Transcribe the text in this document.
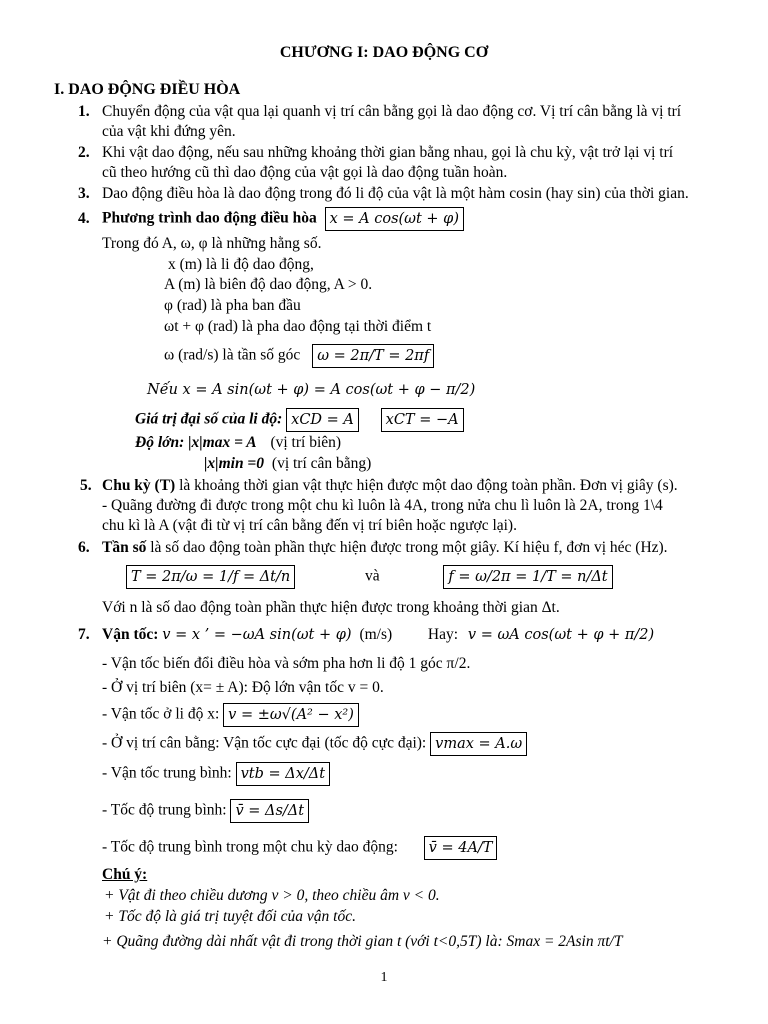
CHƯƠNG I: DAO ĐỘNG CƠ
I. DAO ĐỘNG ĐIỀU HÒA
1. Chuyển động của vật qua lại quanh vị trí cân bằng gọi là dao động cơ. Vị trí cân bằng là vị trí
của vật khi đứng yên.
2. Khi vật dao động, nếu sau những khoảng thời gian bằng nhau, gọi là chu kỳ, vật trở lại vị trí
cũ theo hướng cũ thì dao động của vật gọi là dao động tuần hoàn.
3. Dao động điều hòa là dao động trong đó li độ của vật là một hàm cosin (hay sin) của thời gian.
4. Phương trình dao động điều hòa x = A cos(ωt + φ)
Trong đó A, ω, φ là những hằng số.
x (m) là li độ dao động,
A (m) là biên độ dao động, A > 0.
φ (rad) là pha ban đầu
ωt + φ (rad) là pha dao động tại thời điểm t
ω (rad/s) là tần số góc ω = 2π/T = 2πf
Nếu x = A sin(ωt + φ) = A cos(ωt + φ − π/2)
Giá trị đại số của li độ: xCD = A xCT = −A
Độ lớn: |x|max = A (vị trí biên)
|x|min =0 (vị trí cân bằng)
5. Chu kỳ (T) là khoảng thời gian vật thực hiện được một dao động toàn phần. Đơn vị giây (s).
- Quãng đường đi được trong một chu kì luôn là 4A, trong nửa chu lì luôn là 2A, trong 1\4
chu kì là A (vật đi từ vị trí cân bằng đến vị trí biên hoặc ngược lại).
6. Tần số là số dao động toàn phần thực hiện được trong một giây. Kí hiệu f, đơn vị héc (Hz).
T = 2π/ω = 1/f = Δt/n	và	f = ω/2π = 1/T = n/Δt
Với n là số dao động toàn phần thực hiện được trong khoảng thời gian Δt.
7. Vận tốc: v = x ’ = −ωA sin(ωt + φ) (m/s) Hay: v = ωA cos(ωt + φ + π/2)
- Vận tốc biến đổi điều hòa và sớm pha hơn li độ 1 góc π/2.
- Ở vị trí biên (x= ± A): Độ lớn vận tốc v = 0.
- Vận tốc ở li độ x: v = ±ω√(A² − x²)
- Ở vị trí cân bằng: Vận tốc cực đại (tốc độ cực đại): vmax = A.ω
- Vận tốc trung bình: vtb = Δx/Δt
- Tốc độ trung bình: v̄ = Δs/Δt
- Tốc độ trung bình trong một chu kỳ dao động: v̄ = 4A/T
Chú ý:
+ Vật đi theo chiều dương v > 0, theo chiều âm v < 0.
+ Tốc độ là giá trị tuyệt đối của vận tốc.
+ Quãng đường dài nhất vật đi trong thời gian t (với t<0,5T) là: Smax = 2Asin πt/T
1
